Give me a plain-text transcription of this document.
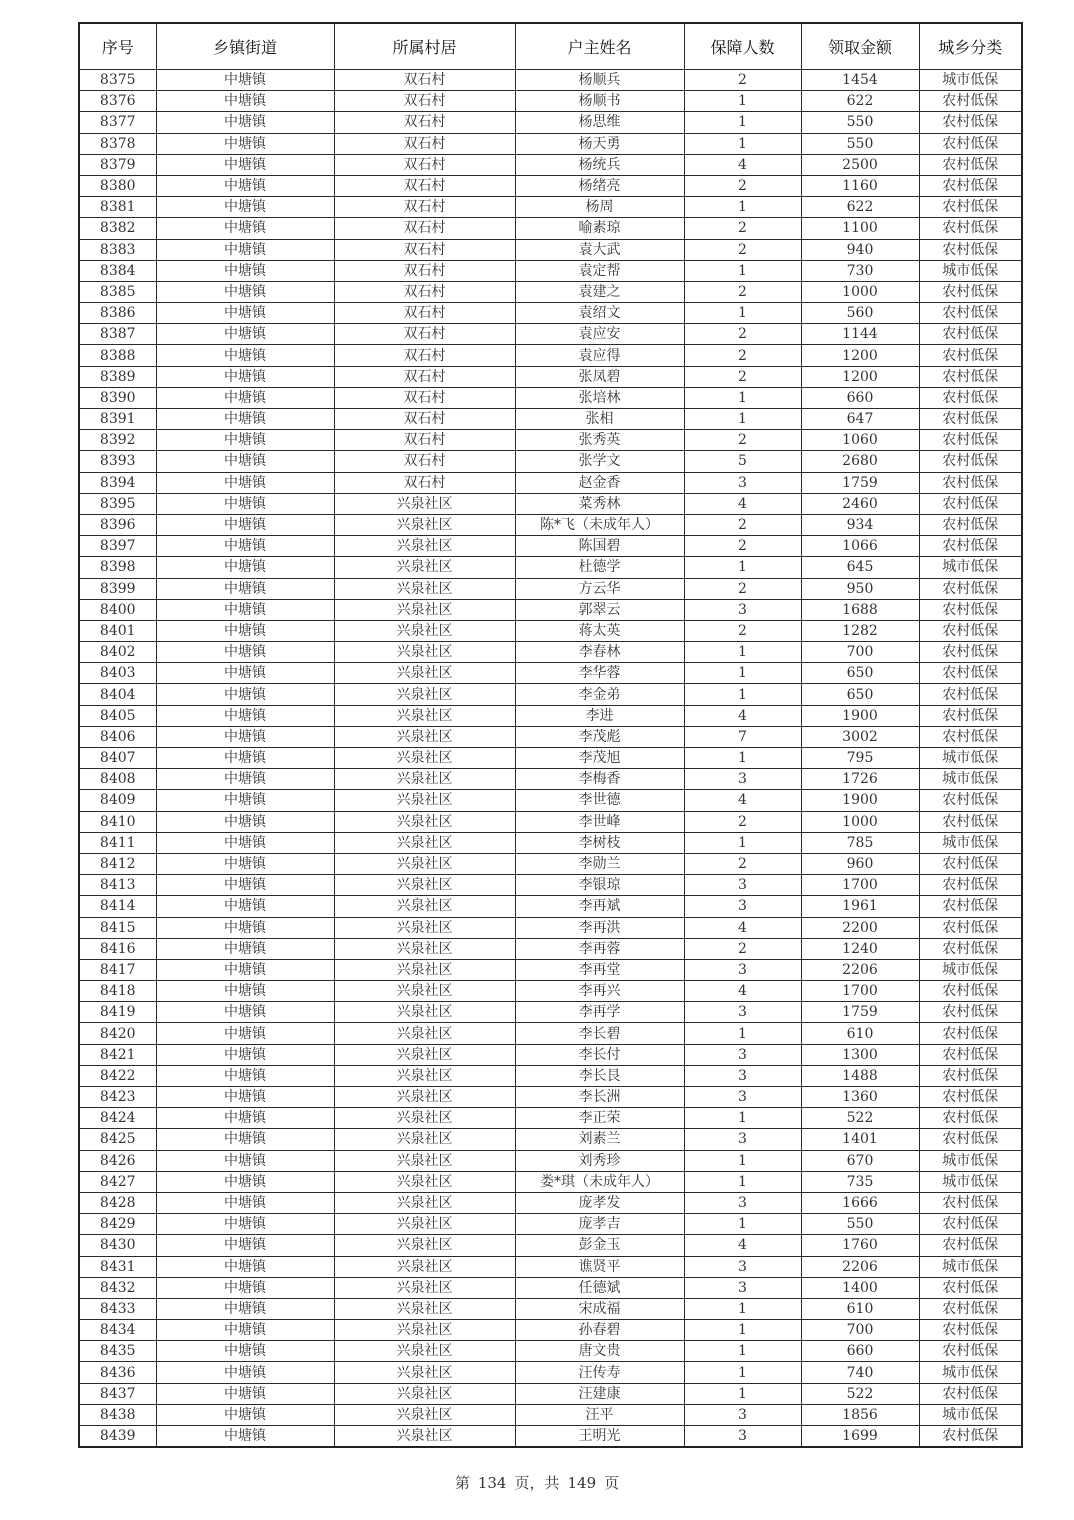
序号	乡镇街道	所属村居	户主姓名	保障人数	领取金额	城乡分类
8375	中塘镇	双石村	杨顺兵	2	1454	城市低保
8376	中塘镇	双石村	杨顺书	1	622	农村低保
8377	中塘镇	双石村	杨思维	1	550	农村低保
8378	中塘镇	双石村	杨天勇	1	550	农村低保
8379	中塘镇	双石村	杨统兵	4	2500	农村低保
8380	中塘镇	双石村	杨绪亮	2	1160	农村低保
8381	中塘镇	双石村	杨周	1	622	农村低保
8382	中塘镇	双石村	喻素琼	2	1100	农村低保
8383	中塘镇	双石村	袁大武	2	940	农村低保
8384	中塘镇	双石村	袁定帮	1	730	城市低保
8385	中塘镇	双石村	袁建之	2	1000	农村低保
8386	中塘镇	双石村	袁绍文	1	560	农村低保
8387	中塘镇	双石村	袁应安	2	1144	农村低保
8388	中塘镇	双石村	袁应得	2	1200	农村低保
8389	中塘镇	双石村	张凤碧	2	1200	农村低保
8390	中塘镇	双石村	张培林	1	660	农村低保
8391	中塘镇	双石村	张相	1	647	农村低保
8392	中塘镇	双石村	张秀英	2	1060	农村低保
8393	中塘镇	双石村	张学文	5	2680	农村低保
8394	中塘镇	双石村	赵金香	3	1759	农村低保
8395	中塘镇	兴泉社区	菜秀林	4	2460	农村低保
8396	中塘镇	兴泉社区	陈*飞（未成年人）	2	934	农村低保
8397	中塘镇	兴泉社区	陈国碧	2	1066	农村低保
8398	中塘镇	兴泉社区	杜德学	1	645	城市低保
8399	中塘镇	兴泉社区	方云华	2	950	农村低保
8400	中塘镇	兴泉社区	郭翠云	3	1688	农村低保
8401	中塘镇	兴泉社区	蒋太英	2	1282	农村低保
8402	中塘镇	兴泉社区	李春林	1	700	农村低保
8403	中塘镇	兴泉社区	李华蓉	1	650	农村低保
8404	中塘镇	兴泉社区	李金弟	1	650	农村低保
8405	中塘镇	兴泉社区	李进	4	1900	农村低保
8406	中塘镇	兴泉社区	李茂彪	7	3002	农村低保
8407	中塘镇	兴泉社区	李茂旭	1	795	城市低保
8408	中塘镇	兴泉社区	李梅香	3	1726	城市低保
8409	中塘镇	兴泉社区	李世德	4	1900	农村低保
8410	中塘镇	兴泉社区	李世峰	2	1000	农村低保
8411	中塘镇	兴泉社区	李树枝	1	785	城市低保
8412	中塘镇	兴泉社区	李勋兰	2	960	农村低保
8413	中塘镇	兴泉社区	李银琼	3	1700	农村低保
8414	中塘镇	兴泉社区	李再斌	3	1961	农村低保
8415	中塘镇	兴泉社区	李再洪	4	2200	农村低保
8416	中塘镇	兴泉社区	李再蓉	2	1240	农村低保
8417	中塘镇	兴泉社区	李再堂	3	2206	城市低保
8418	中塘镇	兴泉社区	李再兴	4	1700	农村低保
8419	中塘镇	兴泉社区	李再学	3	1759	农村低保
8420	中塘镇	兴泉社区	李长碧	1	610	农村低保
8421	中塘镇	兴泉社区	李长付	3	1300	农村低保
8422	中塘镇	兴泉社区	李长艮	3	1488	农村低保
8423	中塘镇	兴泉社区	李长洲	3	1360	农村低保
8424	中塘镇	兴泉社区	李正荣	1	522	农村低保
8425	中塘镇	兴泉社区	刘素兰	3	1401	农村低保
8426	中塘镇	兴泉社区	刘秀珍	1	670	城市低保
8427	中塘镇	兴泉社区	娄*琪（未成年人）	1	735	城市低保
8428	中塘镇	兴泉社区	庞孝发	3	1666	农村低保
8429	中塘镇	兴泉社区	庞孝吉	1	550	农村低保
8430	中塘镇	兴泉社区	彭金玉	4	1760	农村低保
8431	中塘镇	兴泉社区	谯贤平	3	2206	城市低保
8432	中塘镇	兴泉社区	任德斌	3	1400	农村低保
8433	中塘镇	兴泉社区	宋成福	1	610	农村低保
8434	中塘镇	兴泉社区	孙春碧	1	700	农村低保
8435	中塘镇	兴泉社区	唐文贵	1	660	农村低保
8436	中塘镇	兴泉社区	汪传寿	1	740	城市低保
8437	中塘镇	兴泉社区	汪建康	1	522	农村低保
8438	中塘镇	兴泉社区	汪平	3	1856	城市低保
8439	中塘镇	兴泉社区	王明光	3	1699	农村低保
第 134 页，共 149 页
